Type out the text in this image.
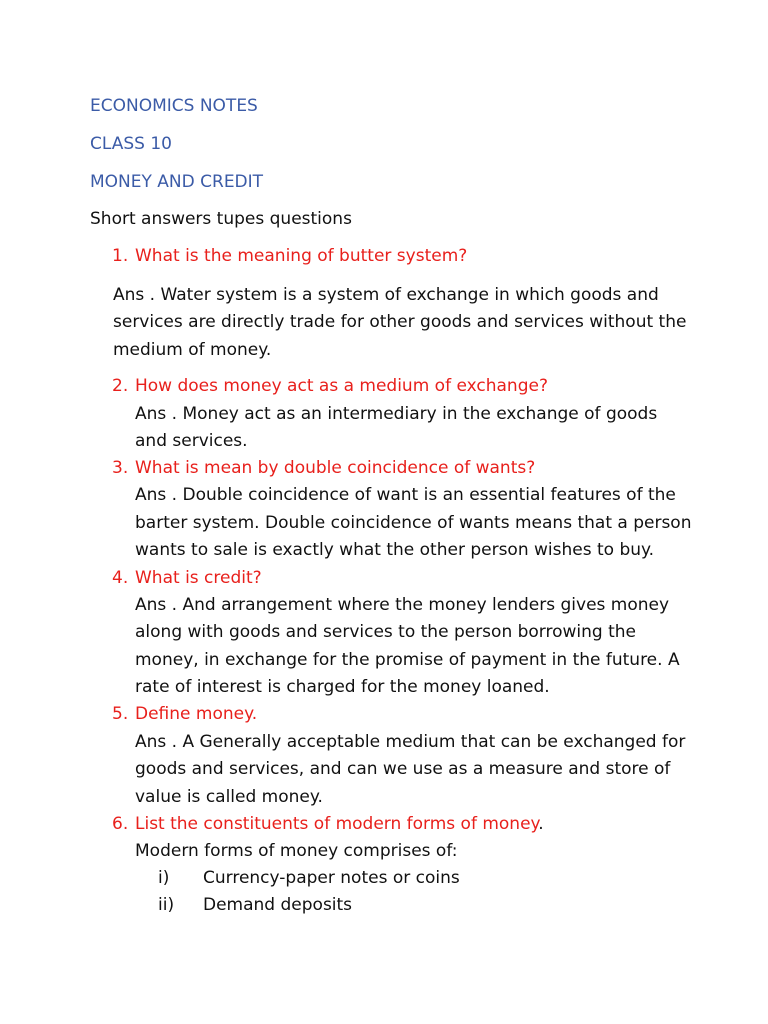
ECONOMICS NOTES
CLASS 10
MONEY AND CREDIT
Short answers tupes questions
1. What is the meaning of butter system?
Ans . Water system is a system of exchange in which goods and
services are directly trade for other goods and services without the
medium of money.
2. How does money act as a medium of exchange?
Ans . Money act as an intermediary in the exchange of goods
and services.
3. What is mean by double coincidence of wants?
Ans . Double coincidence of want is an essential features of the
barter system. Double coincidence of wants means that a person
wants to sale is exactly what the other person wishes to buy.
4. What is credit?
Ans . And arrangement where the money lenders gives money
along with goods and services to the person borrowing the
money, in exchange for the promise of payment in the future. A
rate of interest is charged for the money loaned.
5. Define money.
Ans . A Generally acceptable medium that can be exchanged for
goods and services, and can we use as a measure and store of
value is called money.
6. List the constituents of modern forms of money.
Modern forms of money comprises of:
i) Currency-paper notes or coins
ii) Demand deposits
